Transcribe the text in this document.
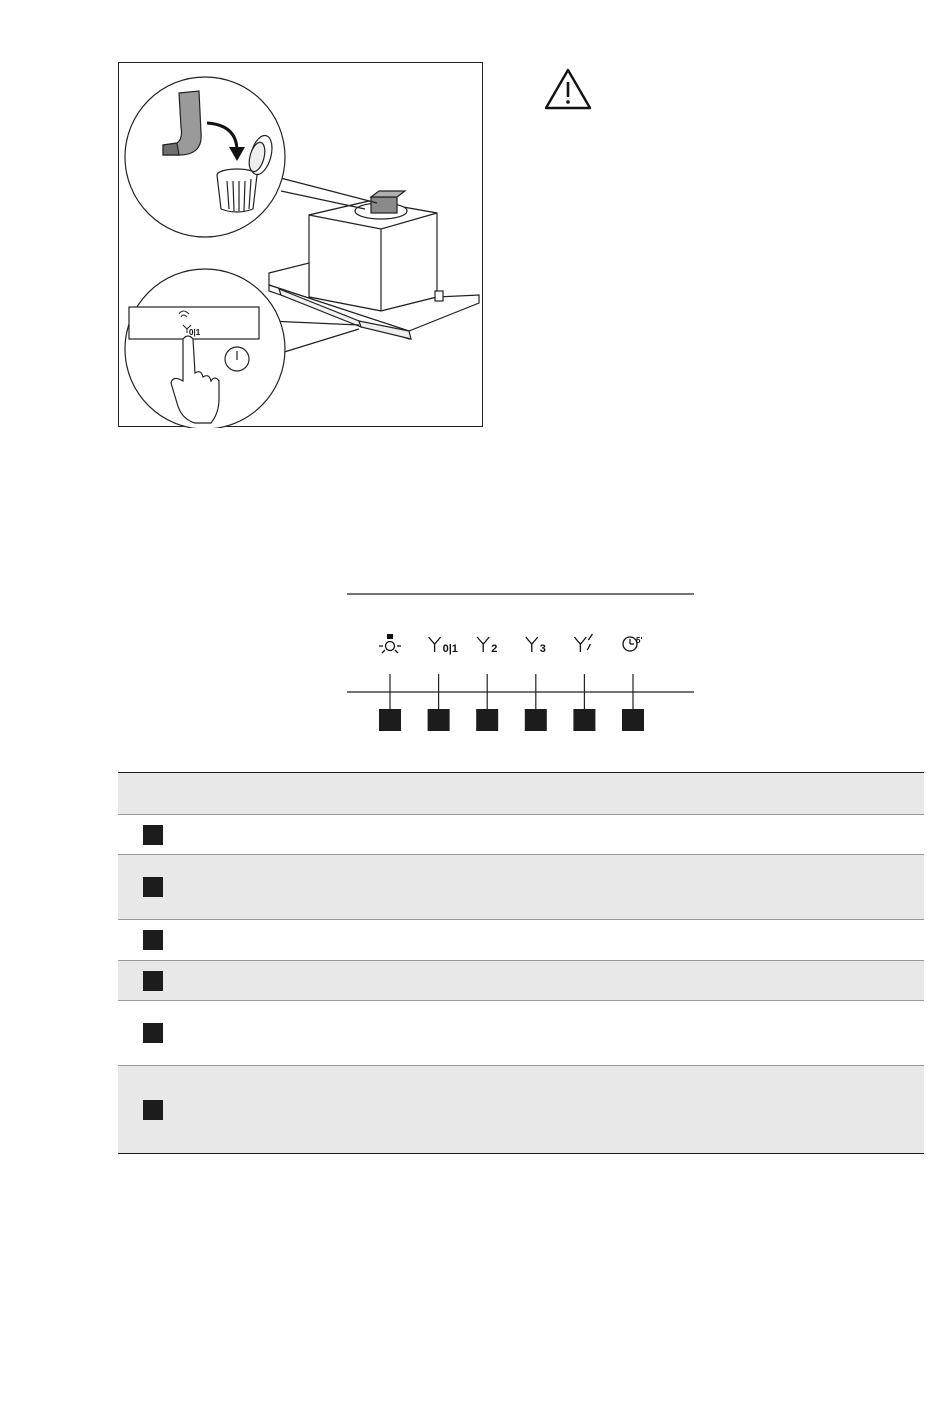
0|1
0|1	2	3
5'
